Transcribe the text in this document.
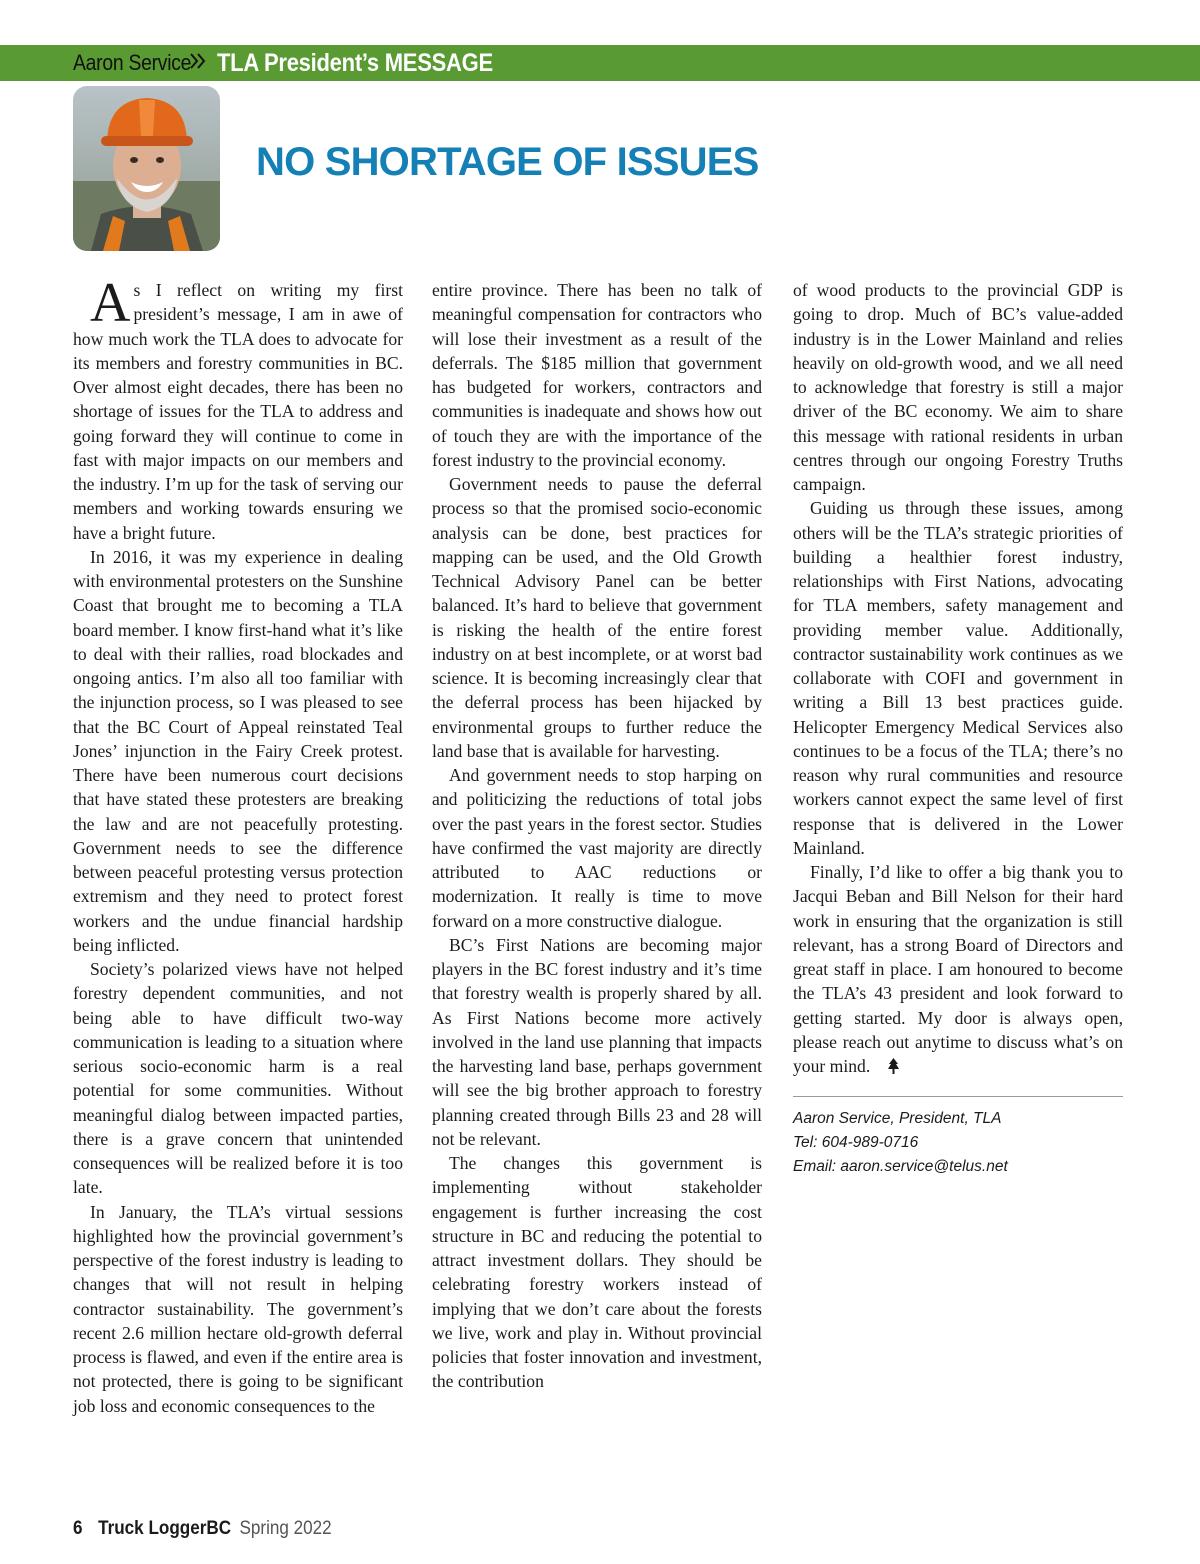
Aaron Service TLA President’s MESSAGE
NO SHORTAGE OF ISSUES

As I reflect on writing my first president’s message, I am in awe of how much work the TLA does to advocate for its members and forestry communities in BC. Over almost eight decades, there has been no shortage of issues for the TLA to address and going forward they will continue to come in fast with major impacts on our members and the industry. I’m up for the task of serving our members and working towards ensuring we have a bright future.

In 2016, it was my experience in dealing with environmental protesters on the Sunshine Coast that brought me to becoming a TLA board member. I know first-hand what it’s like to deal with their rallies, road blockades and ongoing antics. I’m also all too familiar with the injunction process, so I was pleased to see that the BC Court of Appeal reinstated Teal Jones’ injunction in the Fairy Creek protest. There have been numerous court decisions that have stated these protesters are breaking the law and are not peacefully protesting. Government needs to see the difference between peaceful protesting versus protection extremism and they need to protect forest workers and the undue financial hardship being inflicted.

Society’s polarized views have not helped forestry dependent communities, and not being able to have difficult two-way communication is leading to a situation where serious socio-economic harm is a real potential for some communities. Without meaningful dialog between impacted parties, there is a grave concern that unintended consequences will be realized before it is too late.

In January, the TLA’s virtual sessions highlighted how the provincial government’s perspective of the forest industry is leading to changes that will not result in helping contractor sustainability. The government’s recent 2.6 million hectare old-growth deferral process is flawed, and even if the entire area is not protected, there is going to be significant job loss and economic consequences to the

entire province. There has been no talk of meaningful compensation for contractors who will lose their investment as a result of the deferrals. The $185 million that government has budgeted for workers, contractors and communities is inadequate and shows how out of touch they are with the importance of the forest industry to the provincial economy.

Government needs to pause the deferral process so that the promised socio-economic analysis can be done, best practices for mapping can be used, and the Old Growth Technical Advisory Panel can be better balanced. It’s hard to believe that government is risking the health of the entire forest industry on at best incomplete, or at worst bad science. It is becoming increasingly clear that the deferral process has been hijacked by environmental groups to further reduce the land base that is available for harvesting.

And government needs to stop harping on and politicizing the reductions of total jobs over the past years in the forest sector. Studies have confirmed the vast majority are directly attributed to AAC reductions or modernization. It really is time to move forward on a more constructive dialogue.

BC’s First Nations are becoming major players in the BC forest industry and it’s time that forestry wealth is properly shared by all. As First Nations become more actively involved in the land use planning that impacts the harvesting land base, perhaps government will see the big brother approach to forestry planning created through Bills 23 and 28 will not be relevant.

The changes this government is implementing without stakeholder engagement is further increasing the cost structure in BC and reducing the potential to attract investment dollars. They should be celebrating forestry workers instead of implying that we don’t care about the forests we live, work and play in. Without provincial policies that foster innovation and investment, the contribution

of wood products to the provincial GDP is going to drop. Much of BC’s value-added industry is in the Lower Mainland and relies heavily on old-growth wood, and we all need to acknowledge that forestry is still a major driver of the BC economy. We aim to share this message with rational residents in urban centres through our ongoing Forestry Truths campaign.

Guiding us through these issues, among others will be the TLA’s strategic priorities of building a healthier forest industry, relationships with First Nations, advocating for TLA members, safety management and providing member value. Additionally, contractor sustainability work continues as we collaborate with COFI and government in writing a Bill 13 best practices guide. Helicopter Emergency Medical Services also continues to be a focus of the TLA; there’s no reason why rural communities and resource workers cannot expect the same level of first response that is delivered in the Lower Mainland.

Finally, I’d like to offer a big thank you to Jacqui Beban and Bill Nelson for their hard work in ensuring that the organization is still relevant, has a strong Board of Directors and great staff in place. I am honoured to become the TLA’s 43 president and look forward to getting started. My door is always open, please reach out anytime to discuss what’s on your mind.

Aaron Service, President, TLA
Tel: 604-989-0716
Email: aaron.service@telus.net
6 Truck LoggerBC Spring 2022
